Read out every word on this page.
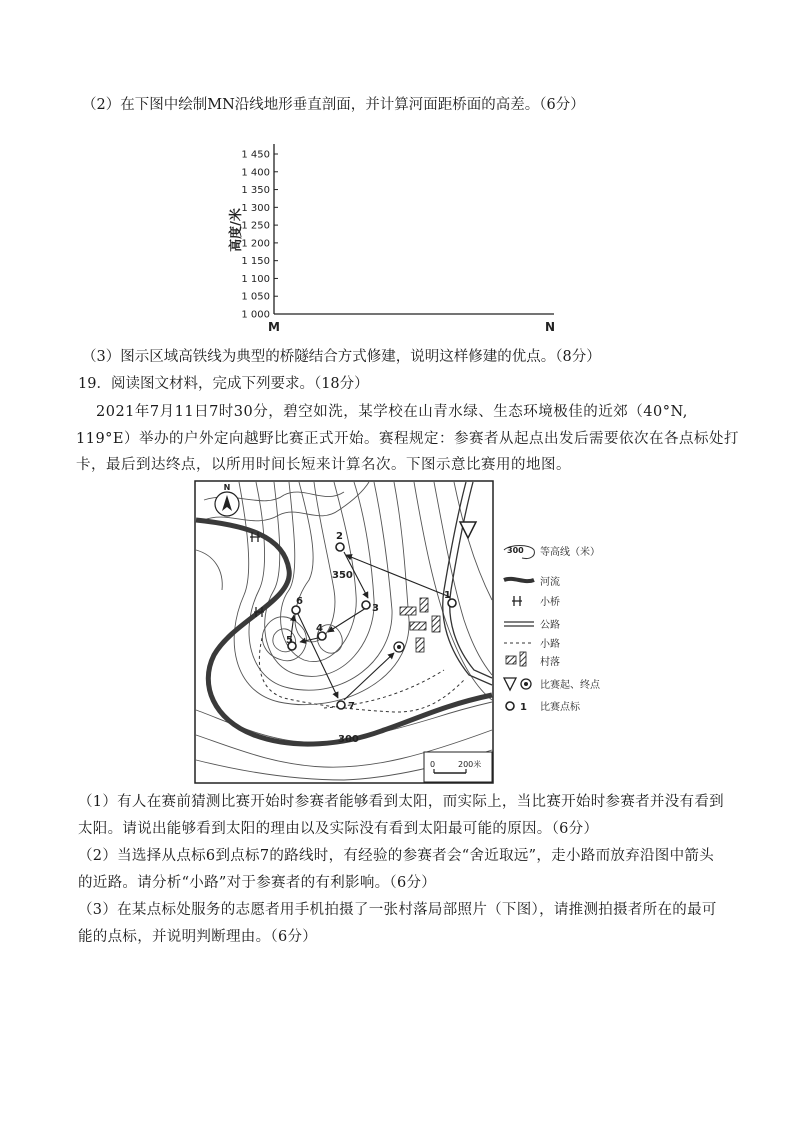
（2）在下图中绘制MN沿线地形垂直剖面，并计算河面距桥面的高差。（6分）
高度/米
1 000
1 050
1 100
1 150
1 200
1 250
1 300
1 350
1 400
1 450
M	N
（3）图示区域高铁线为典型的桥隧结合方式修建，说明这样修建的优点。（8分）
19．阅读图文材料，完成下列要求。（18分）
2021年7月11日7时30分，碧空如洗，某学校在山青水绿、生态环境极佳的近郊（40°N,
119°E）举办的户外定向越野比赛正式开始。赛程规定：参赛者从起点出发后需要依次在各点标处打
卡，最后到达终点，以所用时间长短来计算名次。下图示意比赛用的地图。
1
2
3
4
5
6
7
350
300
N
0	200米
300 等高线（米）
河流
小桥
公路
小路
村落
比赛起、终点
1 比赛点标
（1）有人在赛前猜测比赛开始时参赛者能够看到太阳，而实际上，当比赛开始时参赛者并没有看到
太阳。请说出能够看到太阳的理由以及实际没有看到太阳最可能的原因。（6分）
（2）当选择从点标6到点标7的路线时，有经验的参赛者会“舍近取远”，走小路而放弃沿图中箭头
的近路。请分析“小路”对于参赛者的有利影响。（6分）
（3）在某点标处服务的志愿者用手机拍摄了一张村落局部照片（下图），请推测拍摄者所在的最可
能的点标，并说明判断理由。（6分）
